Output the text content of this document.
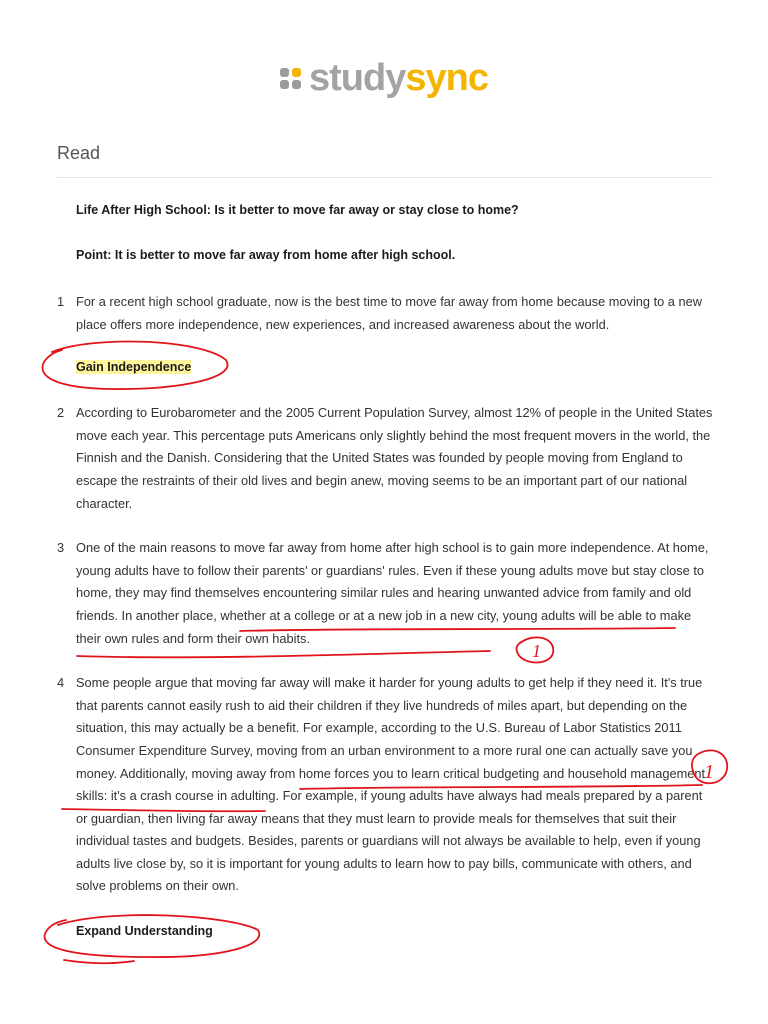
studysync
Read
Life After High School: Is it better to move far away or stay close to home?
Point: It is better to move far away from home after high school.
1 For a recent high school graduate, now is the best time to move far away from home because moving to a new place offers more independence, new experiences, and increased awareness about the world.
Gain Independence
2 According to Eurobarometer and the 2005 Current Population Survey, almost 12% of people in the United States move each year. This percentage puts Americans only slightly behind the most frequent movers in the world, the Finnish and the Danish. Considering that the United States was founded by people moving from England to escape the restraints of their old lives and begin anew, moving seems to be an important part of our national character.
3 One of the main reasons to move far away from home after high school is to gain more independence. At home, young adults have to follow their parents' or guardians' rules. Even if these young adults move but stay close to home, they may find themselves encountering similar rules and hearing unwanted advice from family and old friends. In another place, whether at a college or at a new job in a new city, young adults will be able to make their own rules and form their own habits.
4 Some people argue that moving far away will make it harder for young adults to get help if they need it. It's true that parents cannot easily rush to aid their children if they live hundreds of miles apart, but depending on the situation, this may actually be a benefit. For example, according to the U.S. Bureau of Labor Statistics 2011 Consumer Expenditure Survey, moving from an urban environment to a more rural one can actually save you money. Additionally, moving away from home forces you to learn critical budgeting and household management skills: it's a crash course in adulting. For example, if young adults have always had meals prepared by a parent or guardian, then living far away means that they must learn to provide meals for themselves that suit their individual tastes and budgets. Besides, parents or guardians will not always be available to help, even if young adults live close by, so it is important for young adults to learn how to pay bills, communicate with others, and solve problems on their own.
Expand Understanding
1
1
